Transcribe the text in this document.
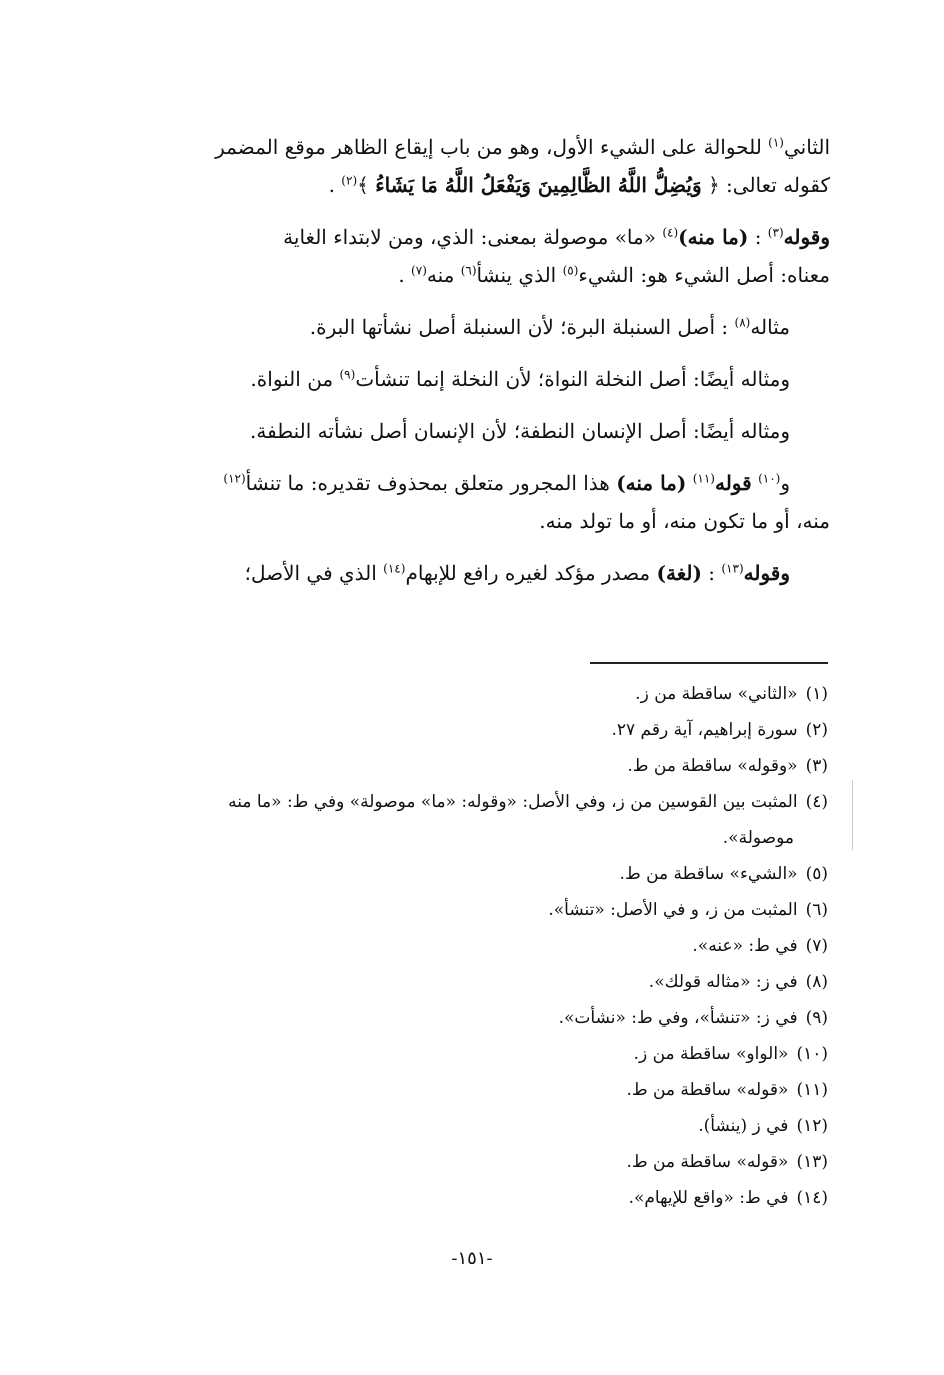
الثاني$^{(١)}$ للحوالة على الشيء الأول، وهو من باب إيقاع الظاهر موقع المضمر
كقوله تعالى: ﴿ وَيُضِلُّ اللَّهُ الظَّالِمِينَ وَيَفْعَلُ اللَّهُ مَا يَشَاءُ ﴾$^{(٢)}$ .
وقوله$^{(٣)}$ : (ما منه)$^{(٤)}$ «ما» موصولة بمعنى: الذي، ومن لابتداء الغاية
معناه: أصل الشيء هو: الشيء$^{(٥)}$ الذي ينشأ$^{(٦)}$ منه$^{(٧)}$ .
مثاله$^{(٨)}$ : أصل السنبلة البرة؛ لأن السنبلة أصل نشأتها البرة.
ومثاله أيضًا: أصل النخلة النواة؛ لأن النخلة إنما تنشأت$^{(٩)}$ من النواة.
ومثاله أيضًا: أصل الإنسان النطفة؛ لأن الإنسان أصل نشأته النطفة.
و$^{(١٠)}$ قوله$^{(١١)}$ (ما منه) هذا المجرور متعلق بمحذوف تقديره: ما تنشأ$^{(١٢)}$
منه، أو ما تكون منه، أو ما تولد منه.
وقوله$^{(١٣)}$ : (لغة) مصدر مؤكد لغيره رافع للإبهام$^{(١٤)}$ الذي في الأصل؛
(١)«الثاني» ساقطة من ز.
(٢)سورة إبراهيم، آية رقم ٢٧.
(٣)«وقوله» ساقطة من ط.
(٤)المثبت بين القوسين من ز، وفي الأصل: «وقوله: «ما» موصولة» وفي ط: «ما منه
موصولة».
(٥)«الشيء» ساقطة من ط.
(٦)المثبت من ز، و في الأصل: «تنشأ».
(٧)في ط: «عنه».
(٨)في ز: «مثاله قولك».
(٩)في ز: «تنشأ»، وفي ط: «نشأت».
(١٠)«الواو» ساقطة من ز.
(١١)«قوله» ساقطة من ط.
(١٢)في ز (ينشأ).
(١٣)«قوله» ساقطة من ط.
(١٤)في ط: «واقع للإيهام».
-١٥١-
